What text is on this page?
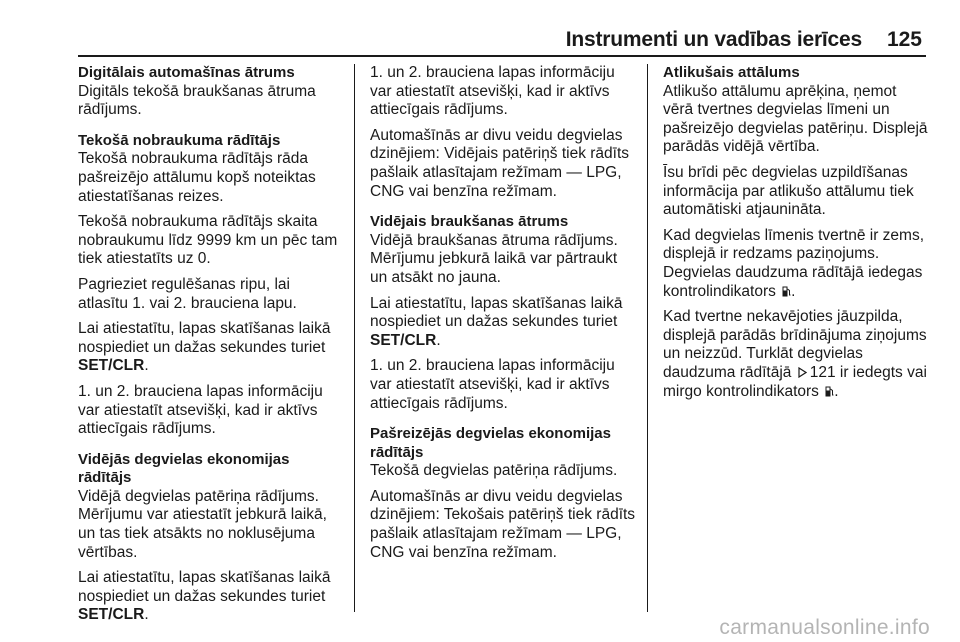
Instrumenti un vadības ierīces	125
Digitālais automašīnas ātrums

Digitāls tekošā braukšanas ātruma rādījums.

Tekošā nobraukuma rādītājs

Tekošā nobraukuma rādītājs rāda pašreizējo attālumu kopš noteiktas atiestatīšanas reizes.

Tekošā nobraukuma rādītājs skaita nobraukumu līdz 9999 km un pēc tam tiek atiestatīts uz 0.

Pagrieziet regulēšanas ripu, lai atlasītu 1. vai 2. brauciena lapu.

Lai atiestatītu, lapas skatīšanas laikā nospiediet un dažas sekundes turiet SET/CLR.

1. un 2. brauciena lapas informāciju var atiestatīt atsevišķi, kad ir aktīvs attiecīgais rādījums.

Vidējās degvielas ekonomijas rādītājs

Vidējā degvielas patēriņa rādījums. Mērījumu var atiestatīt jebkurā laikā, un tas tiek atsākts no noklusējuma vērtības.

Lai atiestatītu, lapas skatīšanas laikā nospiediet un dažas sekundes turiet SET/CLR.

1. un 2. brauciena lapas informāciju var atiestatīt atsevišķi, kad ir aktīvs attiecīgais rādījums.

Automašīnās ar divu veidu degvielas dzinējiem: Vidējais patēriņš tiek rādīts pašlaik atlasītajam režīmam — LPG, CNG vai benzīna režīmam.

Vidējais braukšanas ātrums

Vidējā braukšanas ātruma rādījums. Mērījumu jebkurā laikā var pārtraukt un atsākt no jauna.

Lai atiestatītu, lapas skatīšanas laikā nospiediet un dažas sekundes turiet SET/CLR.

1. un 2. brauciena lapas informāciju var atiestatīt atsevišķi, kad ir aktīvs attiecīgais rādījums.

Pašreizējās degvielas ekonomijas rādītājs

Tekošā degvielas patēriņa rādījums.

Automašīnās ar divu veidu degvielas dzinējiem: Tekošais patēriņš tiek rādīts pašlaik atlasītajam režīmam — LPG, CNG vai benzīna režīmam.

Atlikušais attālums

Atlikušo attālumu aprēķina, ņemot vērā tvertnes degvielas līmeni un pašreizējo degvielas patēriņu. Displejā parādās vidējā vērtība.

Īsu brīdi pēc degvielas uzpildīšanas informācija par atlikušo attālumu tiek automātiski atjaunināta.

Kad degvielas līmenis tvertnē ir zems, displejā ir redzams paziņojums. Degvielas daudzuma rādītājā iedegas kontrolindikators .

Kad tvertne nekavējoties jāuzpilda, displejā parādās brīdinājuma ziņojums un neizzūd. Turklāt degvielas daudzuma rādītājā 121 ir iedegts vai mirgo kontrolindikators .

carmanualsonline.info
